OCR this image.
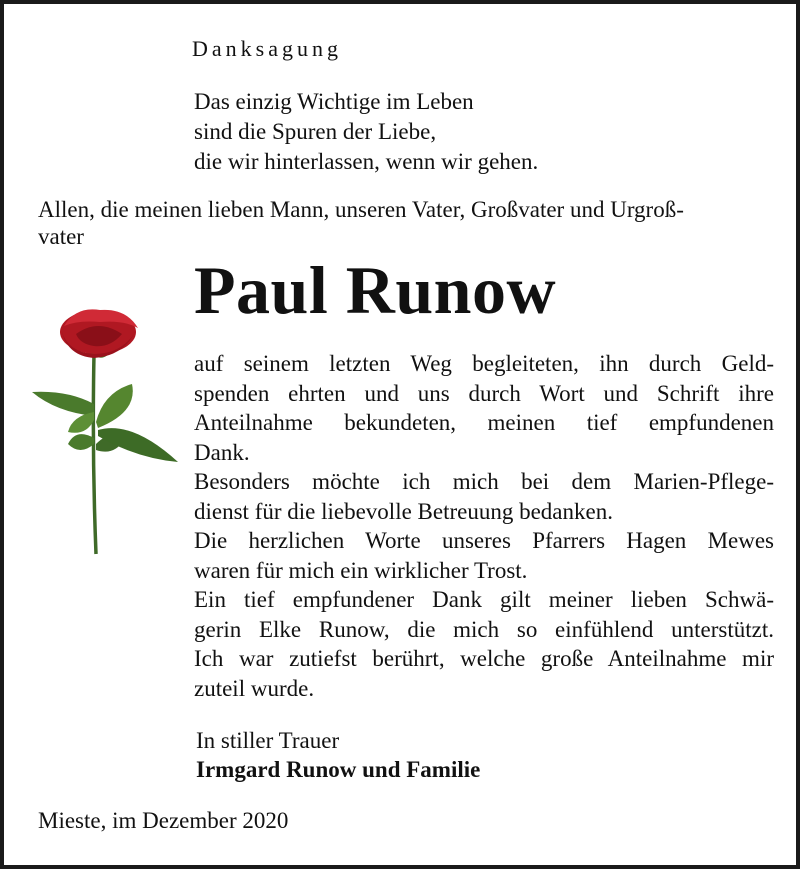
Danksagung
Das einzig Wichtige im Leben
sind die Spuren der Liebe,
die wir hinterlassen, wenn wir gehen.
Allen, die meinen lieben Mann, unseren Vater, Großvater und Urgroß-
vater
Paul Runow
auf seinem letzten Weg begleiteten, ihn durch Geld-
spenden ehrten und uns durch Wort und Schrift ihre
Anteilnahme bekundeten, meinen tief empfundenen
Dank.
Besonders möchte ich mich bei dem Marien-Pflege-
dienst für die liebevolle Betreuung bedanken.
Die herzlichen Worte unseres Pfarrers Hagen Mewes
waren für mich ein wirklicher Trost.
Ein tief empfundener Dank gilt meiner lieben Schwä-
gerin Elke Runow, die mich so einfühlend unterstützt.
Ich war zutiefst berührt, welche große Anteilnahme mir
zuteil wurde.
In stiller Trauer
Irmgard Runow und Familie
Mieste, im Dezember 2020
